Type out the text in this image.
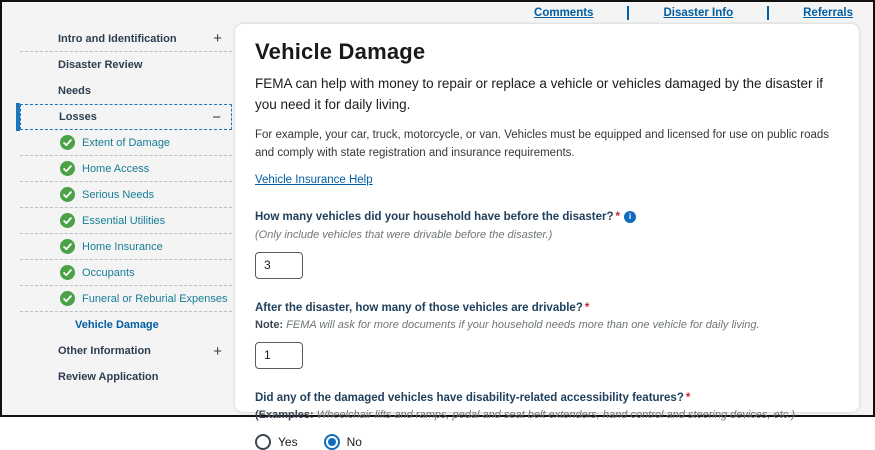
Comments	Disaster Info	Referrals
Intro and Identification +
Disaster Review
Needs
Losses	−
Extent of Damage
Home Access
Serious Needs
Essential Utilities
Home Insurance
Occupants
Funeral or Reburial Expenses
Vehicle Damage
Other Information	+
Review Application
Vehicle Damage

FEMA can help with money to repair or replace a vehicle or vehicles damaged by the disaster if you need it for daily living.

For example, your car, truck, motorcycle, or van. Vehicles must be equipped and licensed for use on public roads and comply with state registration and insurance requirements.

Vehicle Insurance Help
How many vehicles did your household have before the disaster? * i
(Only include vehicles that were drivable before the disaster.)
3
After the disaster, how many of those vehicles are drivable? *
Note: FEMA will ask for more documents if your household needs more than one vehicle for daily living.
1
Did any of the damaged vehicles have disability-related accessibility features? *
(Examples: Wheelchair lifts and ramps, pedal and seat belt extenders, hand control and steering devices, etc.)
Yes	No
